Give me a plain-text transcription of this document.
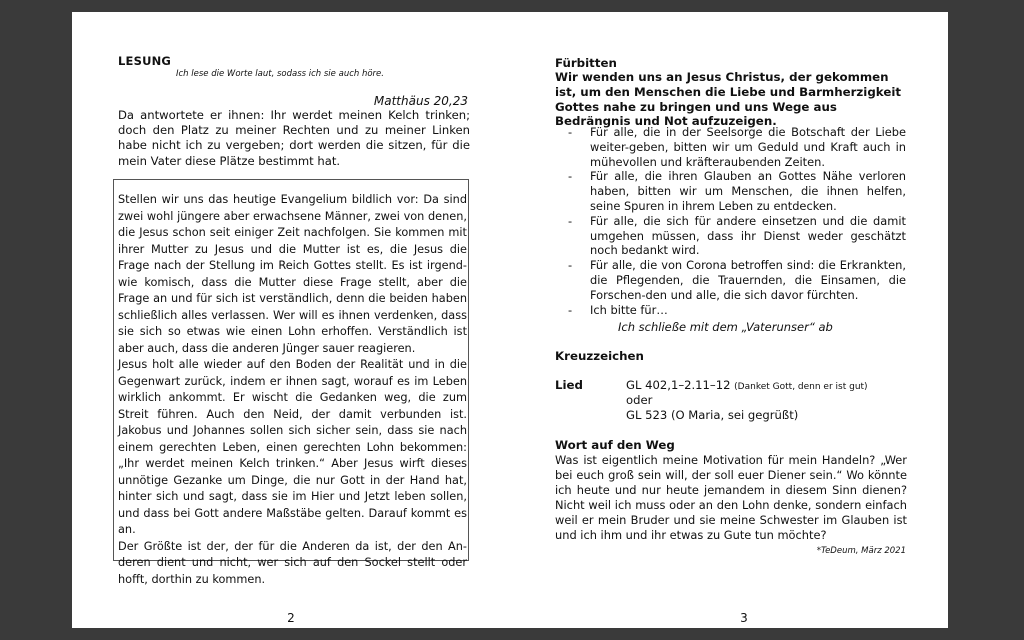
LESUNG
Ich lese die Worte laut, sodass ich sie auch höre.
Matthäus 20,23
Da antwortete er ihnen: Ihr werdet meinen Kelch trinken; doch den Platz zu meiner Rechten und zu meiner Linken habe nicht ich zu vergeben; dort werden die sitzen, für die mein Vater diese Plätze bestimmt hat.

Stellen wir uns das heutige Evangelium bildlich vor: Da sind zwei wohl jüngere aber erwachsene Männer, zwei von denen, die Jesus schon seit einiger Zeit nachfolgen. Sie kommen mit ihrer Mutter zu Jesus und die Mutter ist es, die Jesus die Frage nach der Stellung im Reich Gottes stellt. Es ist irgend-wie komisch, dass die Mutter diese Frage stellt, aber die Frage an und für sich ist verständlich, denn die beiden haben schließlich alles verlassen. Wer will es ihnen verdenken, dass sie sich so etwas wie einen Lohn erhoffen. Verständlich ist aber auch, dass die anderen Jünger sauer reagieren.

Jesus holt alle wieder auf den Boden der Realität und in die Gegenwart zurück, indem er ihnen sagt, worauf es im Leben wirklich ankommt. Er wischt die Gedanken weg, die zum Streit führen. Auch den Neid, der damit verbunden ist. Jakobus und Johannes sollen sich sicher sein, dass sie nach einem gerechten Leben, einen gerechten Lohn bekommen: „Ihr werdet meinen Kelch trinken.“ Aber Jesus wirft dieses unnötige Gezanke um Dinge, die nur Gott in der Hand hat, hinter sich und sagt, dass sie im Hier und Jetzt leben sollen, und dass bei Gott andere Maßstäbe gelten. Darauf kommt es an.

Der Größte ist der, der für die Anderen da ist, der den An-deren dient und nicht, wer sich auf den Sockel stellt oder hofft, dorthin zu kommen.

2
Fürbitten
Wir wenden uns an Jesus Christus, der gekommen ist, um den Menschen die Liebe und Barmherzigkeit Gottes nahe zu bringen und uns Wege aus Bedrängnis und Not aufzuzeigen.
- Für alle, die in der Seelsorge die Botschaft der Liebe weiter-geben, bitten wir um Geduld und Kraft auch in mühevollen und kräfteraubenden Zeiten.
- Für alle, die ihren Glauben an Gottes Nähe verloren haben, bitten wir um Menschen, die ihnen helfen, seine Spuren in ihrem Leben zu entdecken.
- Für alle, die sich für andere einsetzen und die damit umgehen müssen, dass ihr Dienst weder geschätzt noch bedankt wird.
- Für alle, die von Corona betroffen sind: die Erkrankten, die Pflegenden, die Trauernden, die Einsamen, die Forschen-den und alle, die sich davor fürchten.
- Ich bitte für…
Ich schließe mit dem „Vaterunser“ ab
Kreuzzeichen
Lied	GL 402,1–2.11–12 (Danket Gott, denn er ist gut)
oder
GL 523 (O Maria, sei gegrüßt)
Wort auf den Weg
Was ist eigentlich meine Motivation für mein Handeln? „Wer bei euch groß sein will, der soll euer Diener sein.“ Wo könnte ich heute und nur heute jemandem in diesem Sinn dienen? Nicht weil ich muss oder an den Lohn denke, sondern einfach weil er mein Bruder und sie meine Schwester im Glauben ist und ich ihm und ihr etwas zu Gute tun möchte?
*TeDeum, März 2021
3
